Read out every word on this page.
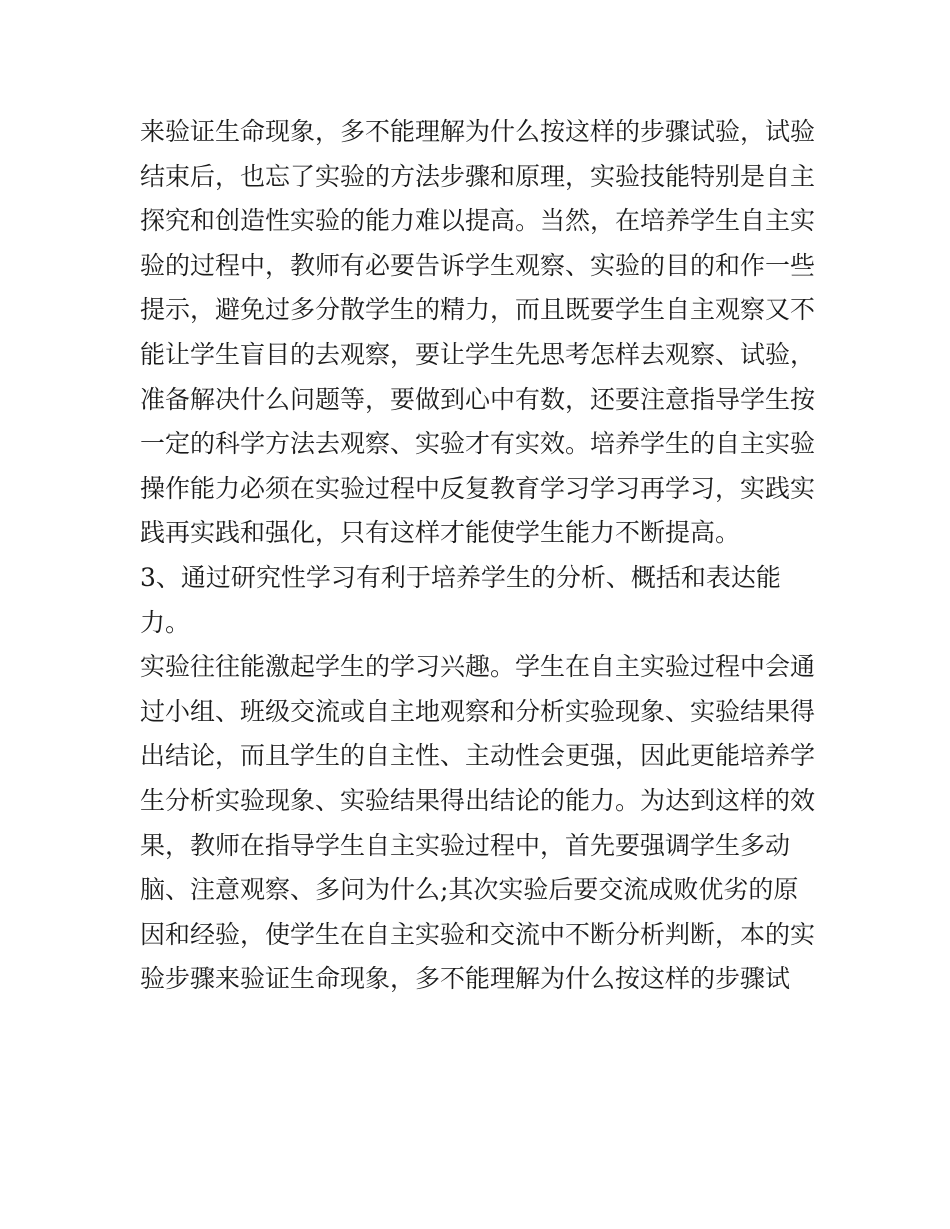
来验证生命现象，多不能理解为什么按这样的步骤试验，试验
结束后，也忘了实验的方法步骤和原理，实验技能特别是自主
探究和创造性实验的能力难以提高。当然，在培养学生自主实
验的过程中，教师有必要告诉学生观察、实验的目的和作一些
提示，避免过多分散学生的精力，而且既要学生自主观察又不
能让学生盲目的去观察，要让学生先思考怎样去观察、试验，
准备解决什么问题等，要做到心中有数，还要注意指导学生按
一定的科学方法去观察、实验才有实效。培养学生的自主实验
操作能力必须在实验过程中反复教育学习学习再学习，实践实
践再实践和强化，只有这样才能使学生能力不断提高。
3、通过研究性学习有利于培养学生的分析、概括和表达能
力。
实验往往能激起学生的学习兴趣。学生在自主实验过程中会通
过小组、班级交流或自主地观察和分析实验现象、实验结果得
出结论，而且学生的自主性、主动性会更强，因此更能培养学
生分析实验现象、实验结果得出结论的能力。为达到这样的效
果，教师在指导学生自主实验过程中，首先要强调学生多动
脑、注意观察、多问为什么;其次实验后要交流成败优劣的原
因和经验，使学生在自主实验和交流中不断分析判断，本的实
验步骤来验证生命现象，多不能理解为什么按这样的步骤试
